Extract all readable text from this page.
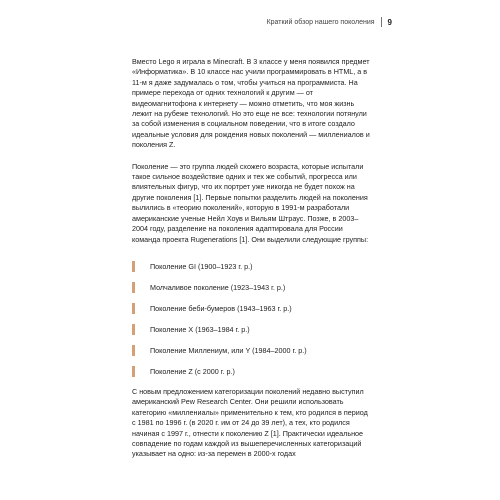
Краткий обзор нашего поколения 9

Вместо Lego я играла в Minecraft. В 3 классе у меня появился предмет «Информатика». В 10 классе нас учили программировать в HTML, а в 11-м я даже задумалась о том, чтобы учиться на программиста. На примере перехода от одних технологий к другим — от видеомагнитофона к интернету — можно отметить, что моя жизнь лежит на рубеже технологий. Но это еще не все: технологии потянули за собой изменения в социальном поведении, что в итоге создало идеальные условия для рождения новых поколений — миллениалов и поколения Z.

Поколение — это группа людей схожего возраста, которые испытали такое сильное воздействие одних и тех же событий, прогресса или влиятельных фигур, что их портрет уже никогда не будет похож на другие поколения [1]. Первые попытки разделить людей на поколения вылились в «теорию поколений», которую в 1991-м разработали американские ученые Нейл Хоув и Вильям Штраус. Позже, в 2003–2004 году, разделение на поколения адаптировала для России команда проекта Rugenerations [1]. Они выделили следующие группы:

Поколение GI (1900–1923 г. р.)
Молчаливое поколение (1923–1943 г. р.)
Поколение беби-бумеров (1943–1963 г. р.)
Поколение X (1963–1984 г. р.)
Поколение Миллениум, или Y (1984–2000 г. р.)
Поколение Z (с 2000 г. р.)

С новым предложением категоризации поколений недавно выступил американский Pew Research Center. Они решили использовать категорию «миллениалы» применительно к тем, кто родился в период с 1981 по 1996 г. (в 2020 г. им от 24 до 39 лет), а тех, кто родился начиная с 1997 г., отнести к поколению Z [1]. Практически идеальное совпадение по годам каждой из вышеперечисленных категоризаций указывает на одно: из-за перемен в 2000-х годах
